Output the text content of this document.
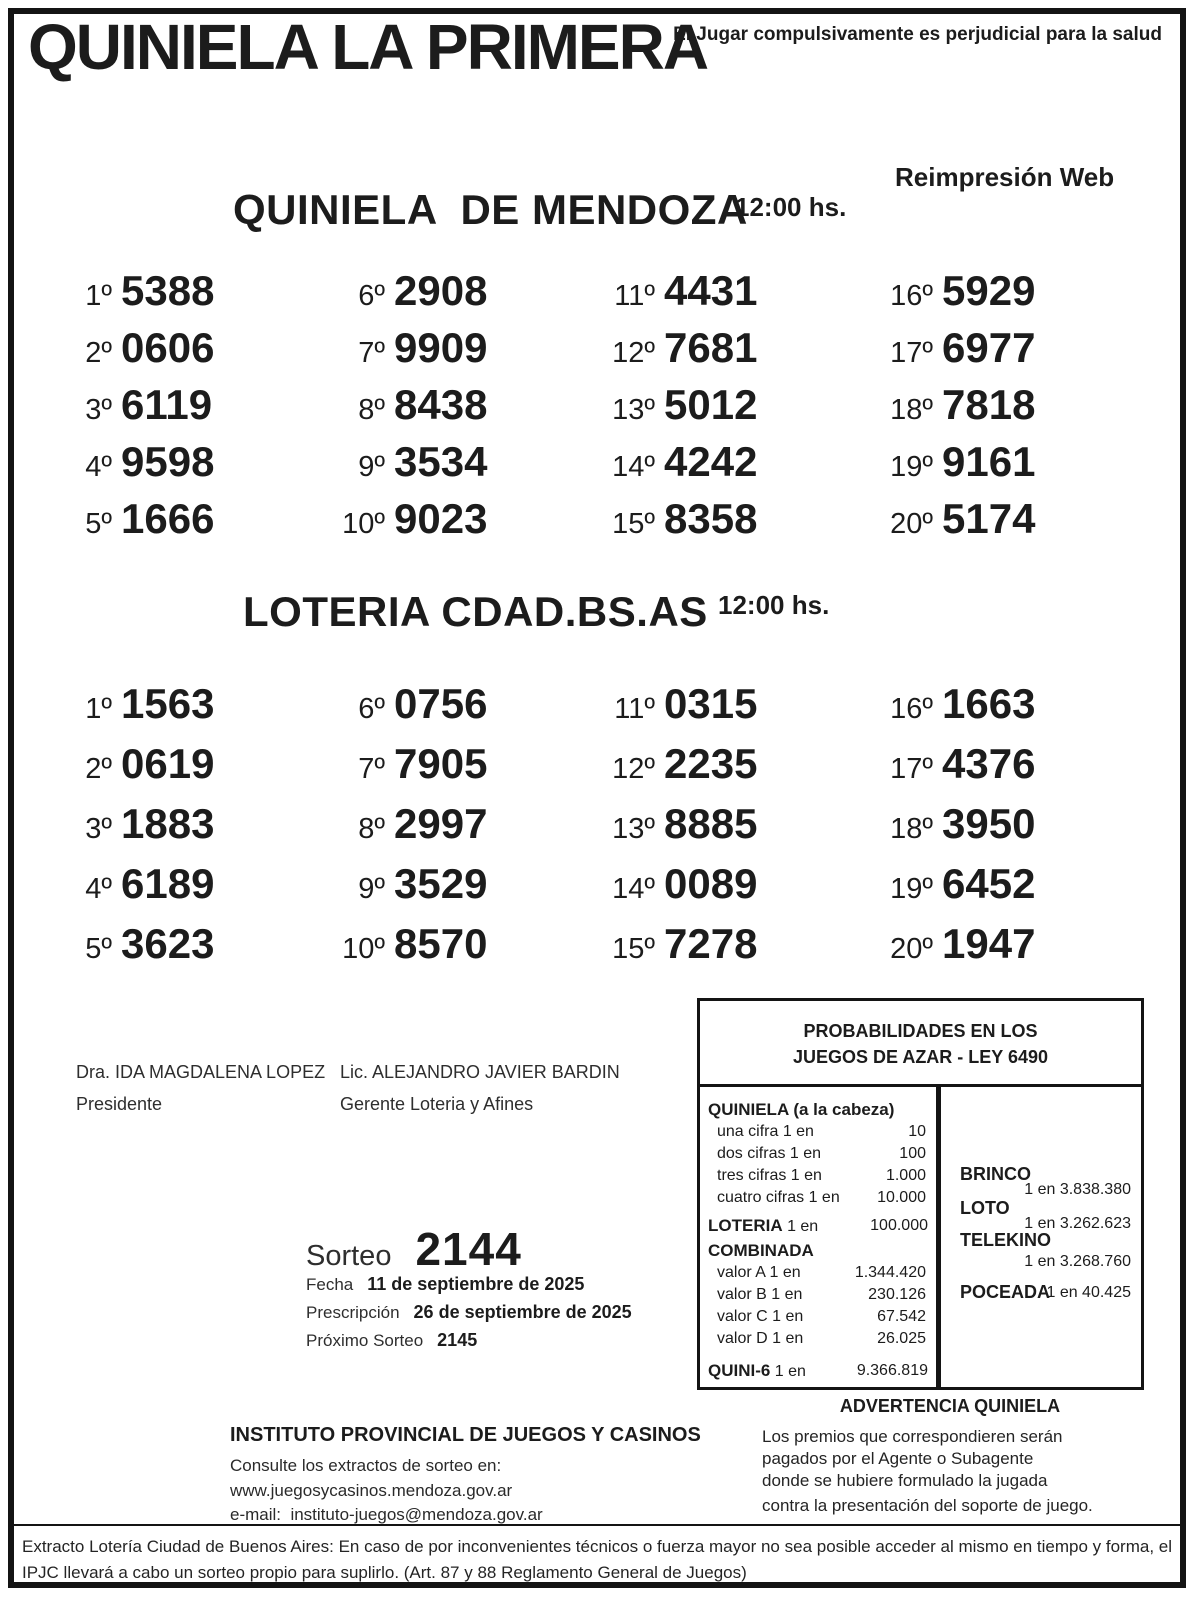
QUINIELA LA PRIMERA
El Jugar compulsivamente es perjudicial para la salud
Reimpresión Web
QUINIELA  DE MENDOZA
12:00 hs.
1º 5388
2º 0606
3º 6119
4º 9598
5º 1666
6º 2908
7º 9909
8º 8438
9º 3534
10º 9023
11º 4431
12º 7681
13º 5012
14º 4242
15º 8358
16º 5929
17º 6977
18º 7818
19º 9161
20º 5174
LOTERIA CDAD.BS.AS 12:00 hs.
1º 1563
2º 0619
3º 1883
4º 6189
5º 3623
6º 0756
7º 7905
8º 2997
9º 3529
10º 8570
11º 0315
12º 2235
13º 8885
14º 0089
15º 7278
16º 1663
17º 4376
18º 3950
19º 6452
20º 1947
Dra. IDA MAGDALENA LOPEZ
Presidente
Lic. ALEJANDRO JAVIER BARDIN
Gerente Loteria y Afines
PROBABILIDADES EN LOS
JUEGOS DE AZAR - LEY 6490
QUINIELA (a la cabeza)
una cifra 1 en	10
dos cifras 1 en	100
tres cifras 1 en	1.000
cuatro cifras 1 en 10.000
LOTERIA 1 en	100.000
COMBINADA
valor A 1 en	1.344.420
valor B 1 en	230.126
valor C 1 en	67.542
valor D 1 en	26.025
QUINI-6 1 en	9.366.819
BRINCO
1 en 3.838.380
LOTO
1 en 3.262.623
TELEKINO
1 en 3.268.760
POCEADA
1 en 40.425
Sorteo 2144
Fecha 11 de septiembre de 2025
Prescripción 26 de septiembre de 2025
Próximo Sorteo 2145
INSTITUTO PROVINCIAL DE JUEGOS Y CASINOS
Consulte los extractos de sorteo en:
www.juegosycasinos.mendoza.gov.ar
e-mail:  instituto-juegos@mendoza.gov.ar
ADVERTENCIA QUINIELA
Los premios que correspondieren serán
pagados por el Agente o Subagente
donde se hubiere formulado la jugada
contra la presentación del soporte de juego.
Extracto Lotería Ciudad de Buenos Aires: En caso de por inconvenientes técnicos o fuerza mayor no sea posible acceder al mismo en tiempo y forma, el IPJC llevará a cabo un sorteo propio para suplirlo. (Art. 87 y 88 Reglamento General de Juegos)
